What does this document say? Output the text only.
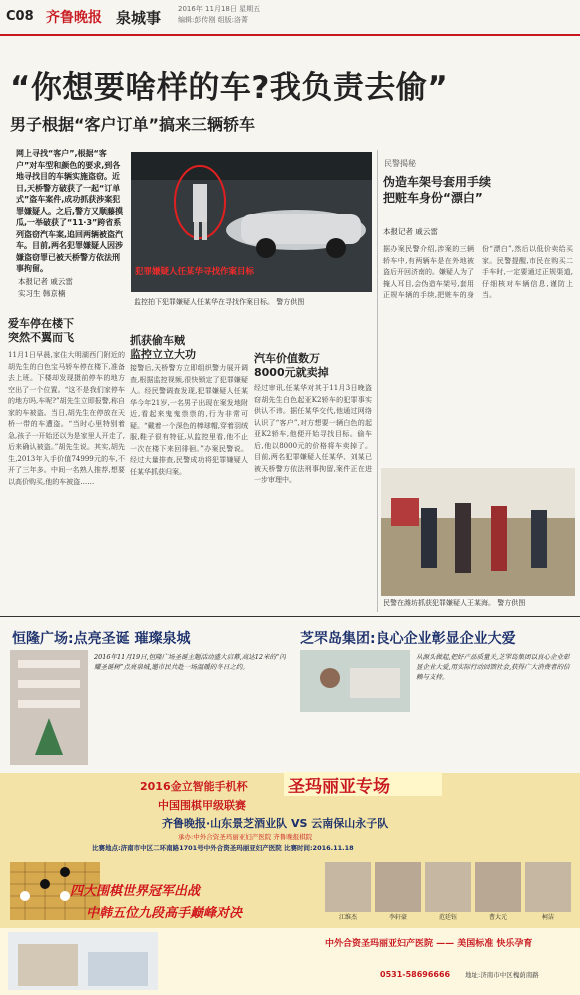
C08 齐鲁晚报 泉城事 2016年 11月18日 星期五
编辑:彭传刚 组版:洛菁
“你想要啥样的车?我负责去偷”
男子根据“客户订单”搞来三辆轿车
网上寻找“客户”,根据“客户”对车型和颜色的要求,到各地寻找目的车辆实施盗窃。近日,天桥警方破获了一起“订单式”盗车案件,成功抓获涉案犯罪嫌疑人。之后,警方又顺藤摸瓜,一举破获了“11·3”跨省系列盗窃汽车案,追回两辆被盗汽车。目前,两名犯罪嫌疑人因涉嫌盗窃罪已被天桥警方依法刑事拘留。
本报记者 戚云雷
实习生 韩京楠
犯罪嫌疑人任某华寻找作案目标
监控拍下犯罪嫌疑人任某华在寻找作案目标。 警方供图
爱车停在楼下
突然不翼而飞
11月1日早晨,家住大明湖西门附近的胡先生的白色宝马轿车停在楼下,准备去上班。下楼却发现摄前停车的地方空出了一个位置。“这不是我们家停车的地方吗,车呢?”胡先生立即报警,称自家的车被盗。当日,胡先生在停放在天桥一带的车遭盗。“当时心里特别着急,孩子一开始还以为是家里人开走了,后来确认被盗。”胡先生说。其实,胡先生,2013年入手价值74999元的车,不开了三年多。中间一名熟人推荐,想要以高价购买,他的车被盗……
抓获偷车贼
监控立立大功
接警后,天桥警方立即组织警力展开调查,根据监控视频,很快锁定了犯罪嫌疑人。经民警调查发现,犯罪嫌疑人任某华今年21岁,一名男子出现在案发地附近,看起来鬼鬼祟祟的,行为非常可疑。“戴着一个深色的棒球帽,穿着羽绒服,鞋子很有特征,从监控里看,他不止一次在楼下来回徘徊。”办案民警说。经过大量排查,民警成功将犯罪嫌疑人任某华抓获归案。
汽车价值数万
8000元就卖掉
经过审讯,任某华对其于11月3日晚盗窃胡先生白色起亚K2轿车的犯罪事实供认不讳。据任某华交代,他通过网络认识了“客户”,对方想要一辆白色的起亚K2轿车,他便开始寻找目标。偷车后,他以8000元的价格将车卖掉了。目前,两名犯罪嫌疑人任某华、刘某已被天桥警方依法刑事拘留,案件正在进一步审理中。
民警揭秘
伪造车架号套用手续
把赃车身份“漂白”
本报记者 戚云雷
据办案民警介绍,涉案的三辆轿车中,有两辆车是在外地被盗后开回济南的。嫌疑人为了掩人耳目,会伪造车架号,套用正规车辆的手续,把赃车的身份“漂白”,然后以低价卖给买家。民警提醒,市民在购买二手车时,一定要通过正规渠道,仔细核对车辆信息,谨防上当。
民警在潍坊抓获犯罪嫌疑人王某海。 警方供图
恒隆广场:点亮圣诞 璀璨泉城
2016年11月19日,恒隆广场圣诞主题活动盛大启幕,高达12米的“闪耀圣诞树”点亮泉城,邀市民共赴一场温暖的冬日之约。
芝罘岛集团:良心企业彰显企业大爱
从源头做起,把好产品质量关,芝罘岛集团以良心企业彰显企业大爱,用实际行动回馈社会,获得广大消费者的信赖与支持。
2016金立智能手机杯 圣玛丽亚专场
中国围棋甲级联赛
齐鲁晚报·山东景芝酒业队 VS 云南保山永子队
承办:中外合资圣玛丽亚妇产医院 齐鲁晚报棋院
比赛地点:济南市中区二环南路1701号中外合资圣玛丽亚妇产医院 比赛时间:2016.11.18
四大围棋世界冠军出战
中韩五位九段高手巅峰对决	江维杰	李轩豪	范廷钰	曹大元	柯洁
中外合资圣玛丽亚妇产医院 —— 美国标准 快乐孕育
0531-58696666 地址:济南市中区槐荫南路
